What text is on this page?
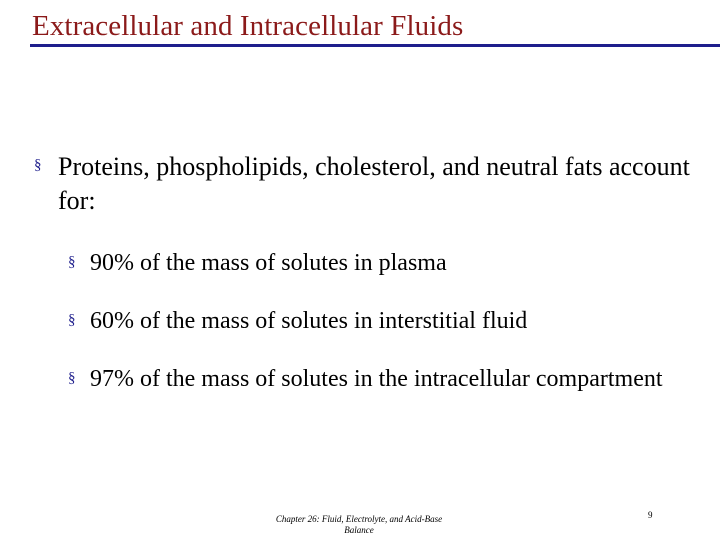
Extracellular and Intracellular Fluids
§ Proteins, phospholipids, cholesterol, and neutral fats account for:

§ 90% of the mass of solutes in plasma

§ 60% of the mass of solutes in interstitial fluid

§ 97% of the mass of solutes in the intracellular compartment

Chapter 26: Fluid, Electrolyte, and Acid-Base Balance
9
